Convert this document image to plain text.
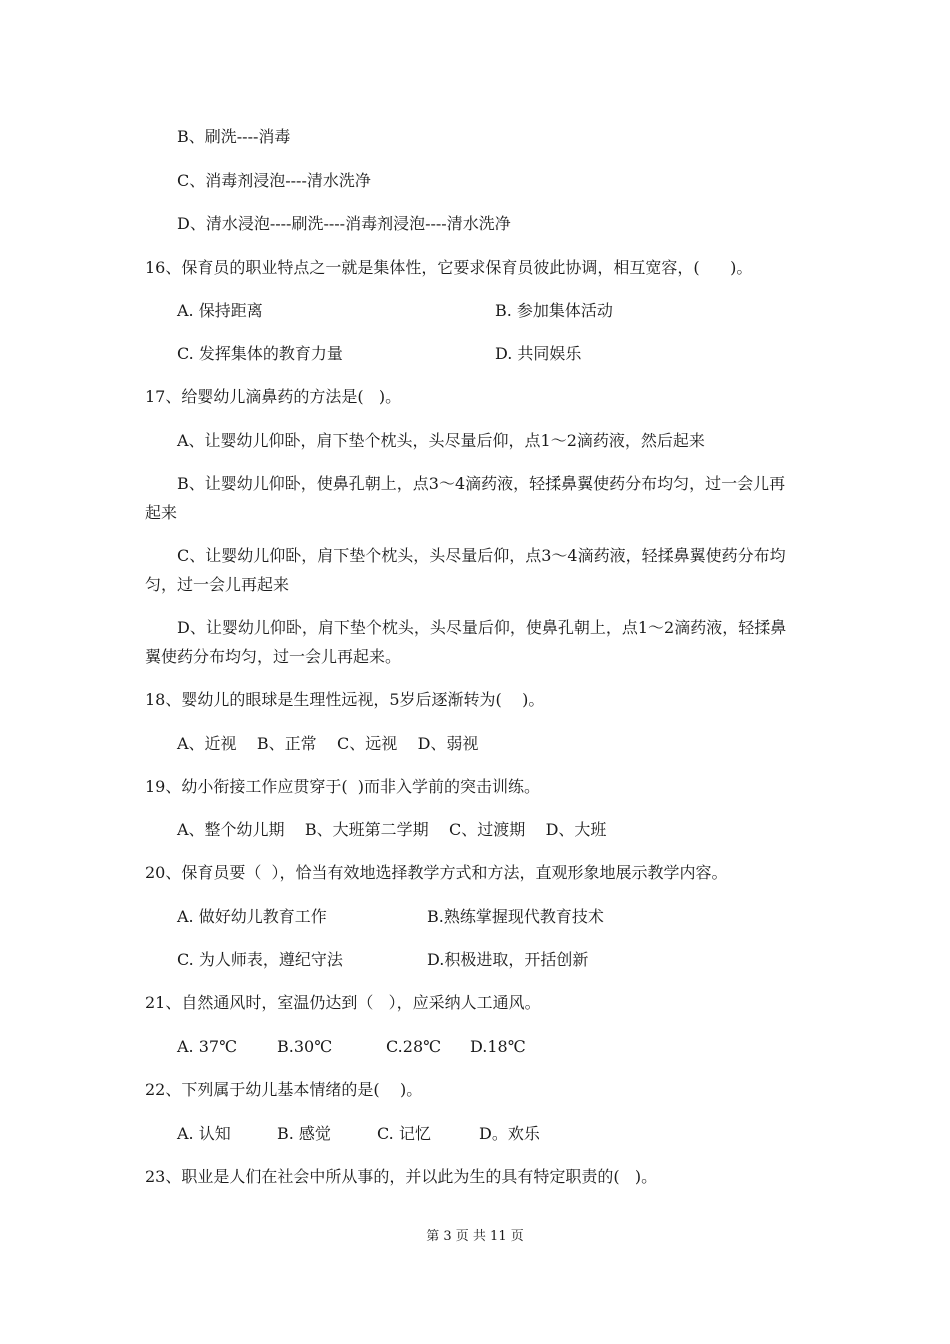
B、刷洗----消毒
C、消毒剂浸泡----清水洗净
D、清水浸泡----刷洗----消毒剂浸泡----清水洗净
16、保育员的职业特点之一就是集体性，它要求保育员彼此协调，相互宽容，(      )。
A. 保持距离	B. 参加集体活动
C. 发挥集体的教育力量	D. 共同娱乐
17、给婴幼儿滴鼻药的方法是(   )。
A、让婴幼儿仰卧，肩下垫个枕头，头尽量后仰，点1～2滴药液，然后起来
B、让婴幼儿仰卧，使鼻孔朝上，点3～4滴药液，轻揉鼻翼使药分布均匀，过一会儿再
起来
C、让婴幼儿仰卧，肩下垫个枕头，头尽量后仰，点3～4滴药液，轻揉鼻翼使药分布均
匀，过一会儿再起来
D、让婴幼儿仰卧，肩下垫个枕头，头尽量后仰，使鼻孔朝上，点1～2滴药液，轻揉鼻
翼使药分布均匀，过一会儿再起来。
18、婴幼儿的眼球是生理性远视，5岁后逐渐转为(    )。
A、近视    B、正常    C、远视    D、弱视
19、幼小衔接工作应贯穿于(  )而非入学前的突击训练。
A、整个幼儿期    B、大班第二学期    C、过渡期    D、大班
20、保育员要（  ），恰当有效地选择教学方式和方法，直观形象地展示教学内容。
A. 做好幼儿教育工作	B.熟练掌握现代教育技术
C. 为人师表，遵纪守法	D.积极进取，开括创新
21、自然通风时，室温仍达到（   ），应采纳人工通风。
A. 37℃	B.30℃	C.28℃ D.18℃
22、下列属于幼儿基本情绪的是(    )。
A. 认知	B. 感觉	C. 记忆	D。欢乐
23、职业是人们在社会中所从事的，并以此为生的具有特定职责的(   )。
第 3 页 共 11 页
